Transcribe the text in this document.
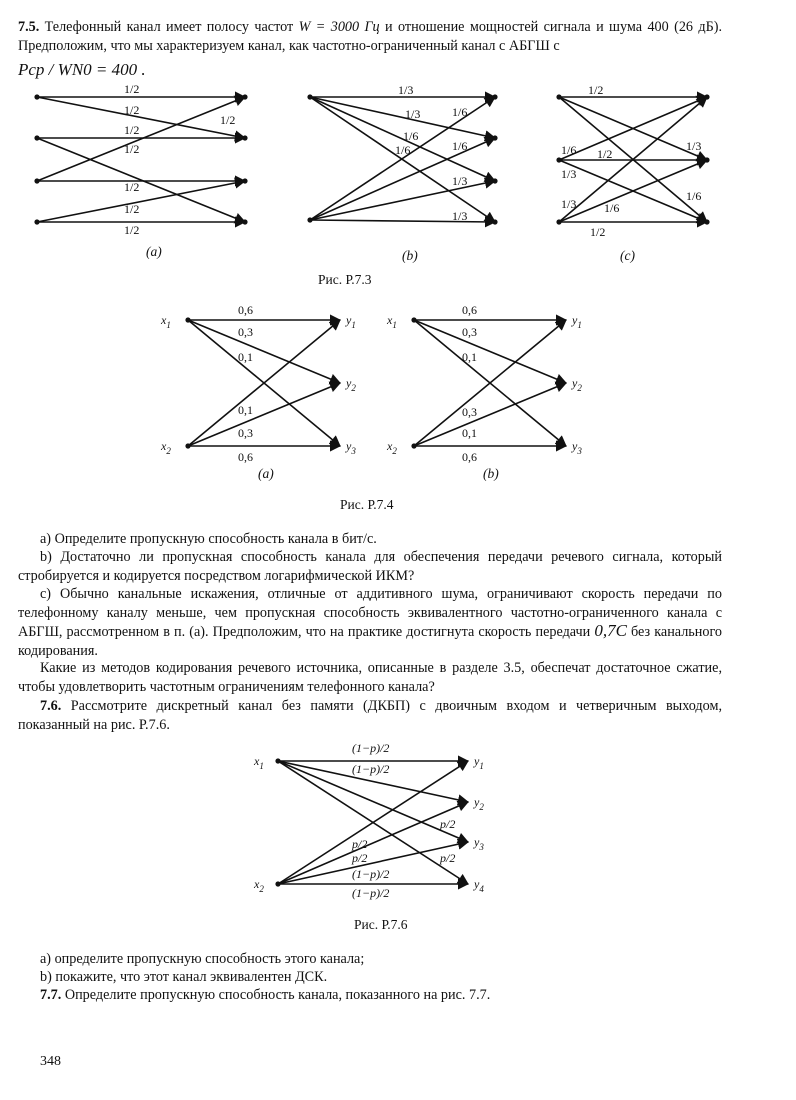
1/2
1/2
1/2
1/2
1/2
1/2
1/2
1/2
1/3
1/3
1/6
1/6
1/6
1/6
1/3
1/3
1/2
1/6 1/2
1/3
1/3
1/3 1/6
1/6
1/2
$x_1$
$x_2$
$y_1$
$y_2$
$y_3$
0,6
0,3
0,1
0,1
0,3
0,6
$x_1$
$x_2$
$y_1$
$y_2$
$y_3$
0,6
0,3
0,1
0,3
0,1
0,6
$x_1$
$x_2$
$y_1$
$y_2$
$y_3$
$y_4$
(1−p)/2
(1−p)/2
p/2
p/2
p/2
p/2
(1−p)/2
(1−p)/2

7.5. Телефонный канал имеет полосу частот W = 3000 Гц и отношение мощностей сигнала и шума 400 (26 дБ). Предположим, что мы характеризуем канал, как частотно-ограниченный канал с АБГШ с

Pср / WN0 = 400 .
(a)	(b)	(c)
Рис. Р.7.3
(a)	(b)
Рис. Р.7.4

a) Определите пропускную способность канала в бит/с.

b) Достаточно ли пропускная способность канала для обеспечения передачи речевого сигнала, который стробируется и кодируется посредством логарифмической ИКМ?

c) Обычно канальные искажения, отличные от аддитивного шума, ограничивают скорость передачи по телефонному каналу меньше, чем пропускная способность эквивалентного частотно-ограниченного канала с АБГШ, рассмотренном в п. (a). Предположим, что на практике достигнута скорость передачи 0,7C без канального кодирования.

Какие из методов кодирования речевого источника, описанные в разделе 3.5, обеспечат достаточное сжатие, чтобы удовлетворить частотным ограничениям телефонного канала?

7.6. Рассмотрите дискретный канал без памяти (ДКБП) с двоичным входом и четверичным выходом, показанный на рис. Р.7.6.

Рис. Р.7.6

a) определите пропускную способность этого канала;

b) покажите, что этот канал эквивалентен ДСК.

7.7. Определите пропускную способность канала, показанного на рис. 7.7.

348
